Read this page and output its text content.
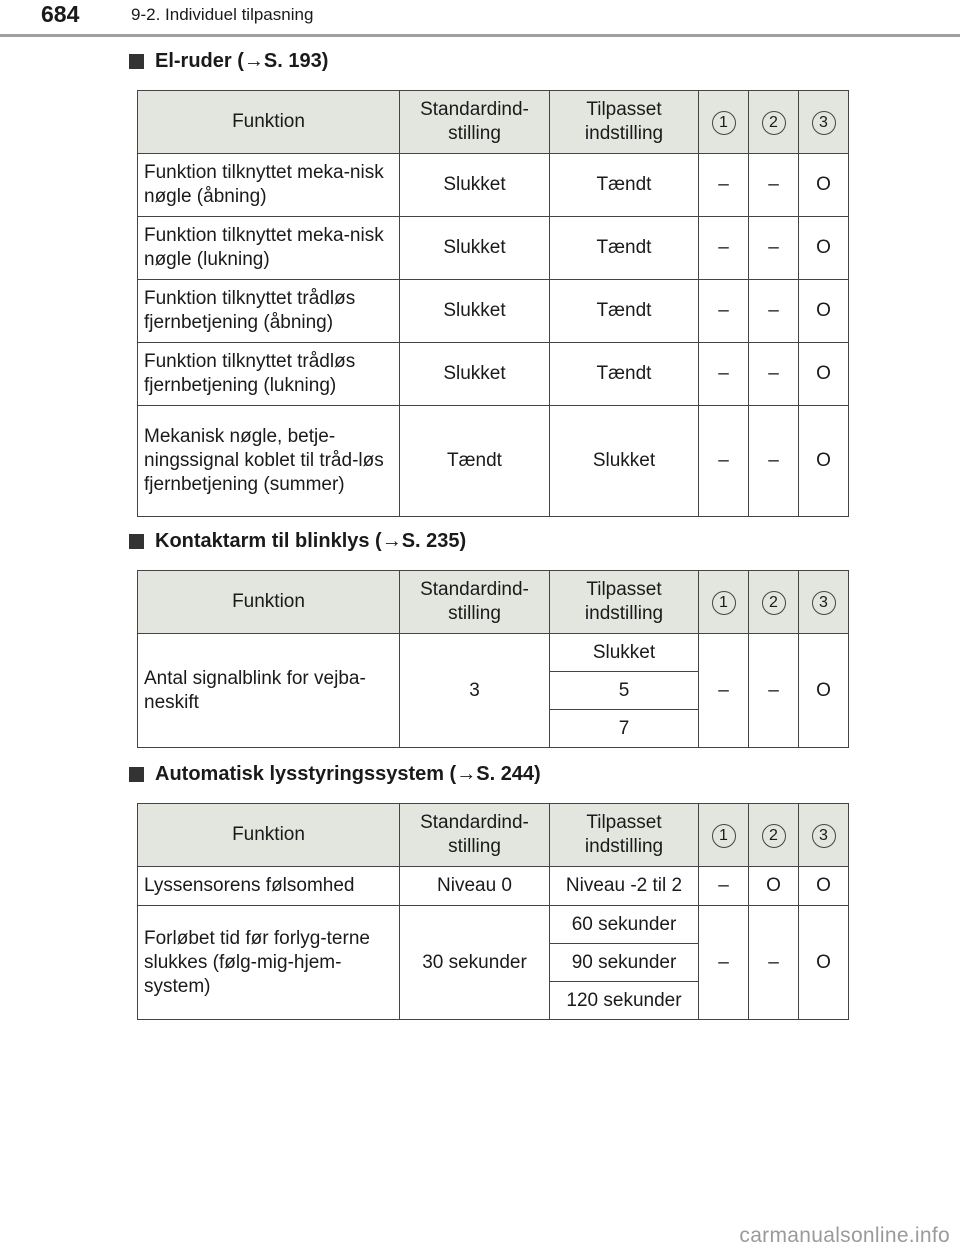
684	9-2. Individuel tilpasning
El-ruder ( → S. 193)
Funktion	Standardind-stilling	Tilpasset indstilling	1	2	3
Funktion tilknyttet meka-nisk nøgle (åbning)	Slukket	Tændt	–	–	O
Funktion tilknyttet meka-nisk nøgle (lukning)	Slukket	Tændt	–	–	O
Funktion tilknyttet trådløs fjernbetjening (åbning)	Slukket	Tændt	–	–	O
Funktion tilknyttet trådløs fjernbetjening (lukning)	Slukket	Tændt	–	–	O
Mekanisk nøgle, betje-ningssignal koblet til tråd-løs fjernbetjening (summer)	Tændt	Slukket	–	–	O
Kontaktarm til blinklys ( → S. 235)
Funktion	Standardind-stilling	Tilpasset indstilling	1	2	3
Antal signalblink for vejba-neskift	3	Slukket	–	–	O
		5			
		7			
Automatisk lysstyringssystem ( → S. 244)
Funktion	Standardind-stilling	Tilpasset indstilling	1	2	3
Lyssensorens følsomhed	Niveau 0	Niveau -2 til 2	–	O	O
Forløbet tid før forlyg-terne slukkes (følg-mig-hjem-system)	30 sekunder	60 sekunder	–	–	O
		90 sekunder			
		120 sekunder			
carmanualsonline.info
